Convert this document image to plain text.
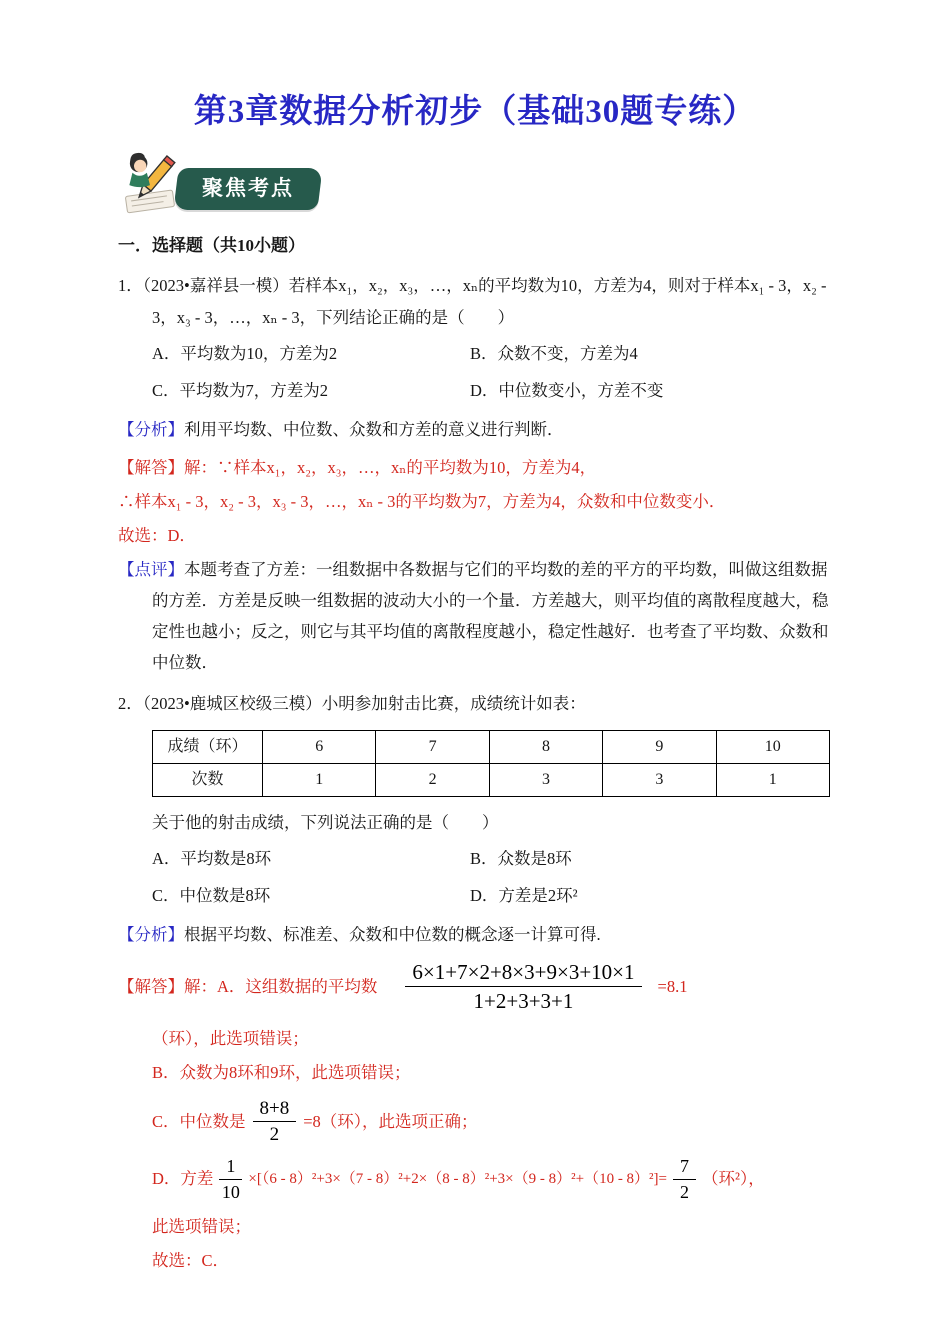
第3章数据分析初步（基础30题专练）
聚焦考点
一．选择题（共10小题）

1．（2023•嘉祥县一模）若样本x₁，x₂，x₃，…，xₙ的平均数为10，方差为4，则对于样本x₁ - 3，x₂ - 3，x₃ - 3，…，xₙ - 3，下列结论正确的是（　　）

A．平均数为10，方差为2	B．众数不变，方差为4
C．平均数为7，方差为2	D．中位数变小，方差不变

【分析】利用平均数、中位数、众数和方差的意义进行判断．

【解答】解：∵样本x₁，x₂，x₃，…，xₙ的平均数为10，方差为4，

∴样本x₁ - 3，x₂ - 3，x₃ - 3，…，xₙ - 3的平均数为7，方差为4，众数和中位数变小．

故选：D．

【点评】本题考查了方差：一组数据中各数据与它们的平均数的差的平方的平均数，叫做这组数据的方差．方差是反映一组数据的波动大小的一个量．方差越大，则平均值的离散程度越大，稳定性也越小；反之，则它与其平均值的离散程度越小，稳定性越好．也考查了平均数、众数和中位数．

2．（2023•鹿城区校级三模）小明参加射击比赛，成绩统计如表：

成绩（环）	6	7	8	9	10
次数	1	2	3	3	1

关于他的射击成绩，下列说法正确的是（　　）

A．平均数是8环	B．众数是8环
C．中位数是8环	D．方差是2环²

【分析】根据平均数、标准差、众数和中位数的概念逐一计算可得.

【解答】 解：A．这组数据的平均数 $\frac{6\times 1+7\times 2+8\times 3+9\times 3+10\times 1}{1+2+3+3+1} =8.1$

（环），此选项错误；

B．众数为8环和9环，此选项错误；

C．中位数是 $\frac{8+8}{2} =8$（环），此选项正确；
D．方差 $\frac{1}{10} \times[(6 - 8)^2+3\times(7 - 8)^2+2\times(8 - 8)^2+3\times(9 - 8)^2+(10 - 8)^2]= \frac{7}{2}$ （环²），

此选项错误；

故选：C．
